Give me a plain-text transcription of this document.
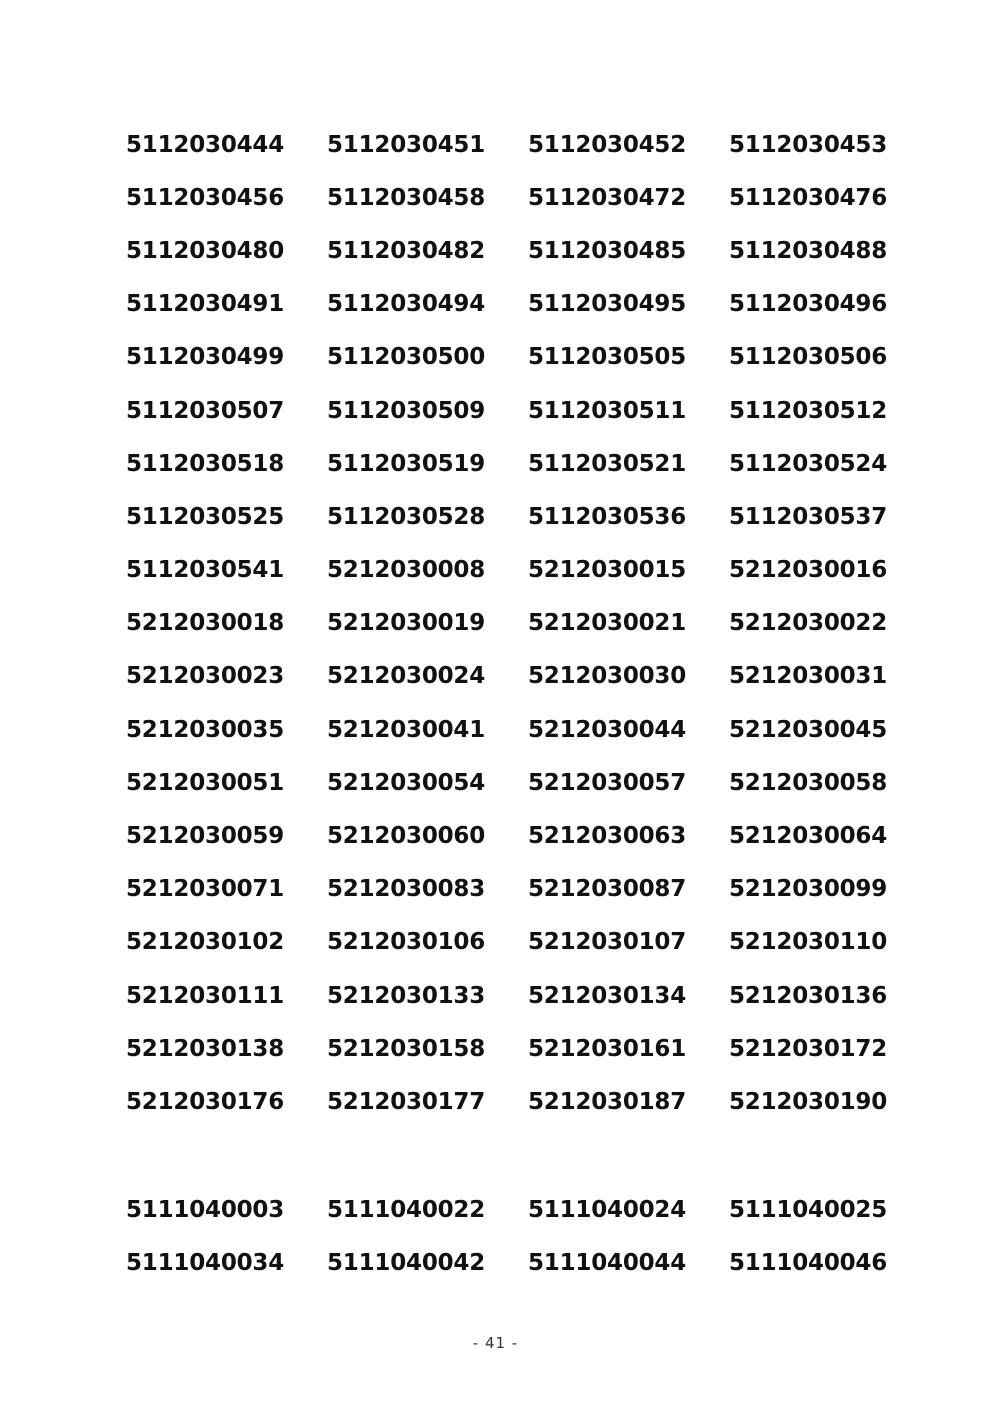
5112030444	5112030451	5112030452	5112030453
5112030456	5112030458	5112030472	5112030476
5112030480	5112030482	5112030485	5112030488
5112030491	5112030494	5112030495	5112030496
5112030499	5112030500	5112030505	5112030506
5112030507	5112030509	5112030511	5112030512
5112030518	5112030519	5112030521	5112030524
5112030525	5112030528	5112030536	5112030537
5112030541	5212030008	5212030015	5212030016
5212030018	5212030019	5212030021	5212030022
5212030023	5212030024	5212030030	5212030031
5212030035	5212030041	5212030044	5212030045
5212030051	5212030054	5212030057	5212030058
5212030059	5212030060	5212030063	5212030064
5212030071	5212030083	5212030087	5212030099
5212030102	5212030106	5212030107	5212030110
5212030111	5212030133	5212030134	5212030136
5212030138	5212030158	5212030161	5212030172
5212030176	5212030177	5212030187	5212030190
5111040003	5111040022	5111040024	5111040025
5111040034	5111040042	5111040044	5111040046
- 41 -
